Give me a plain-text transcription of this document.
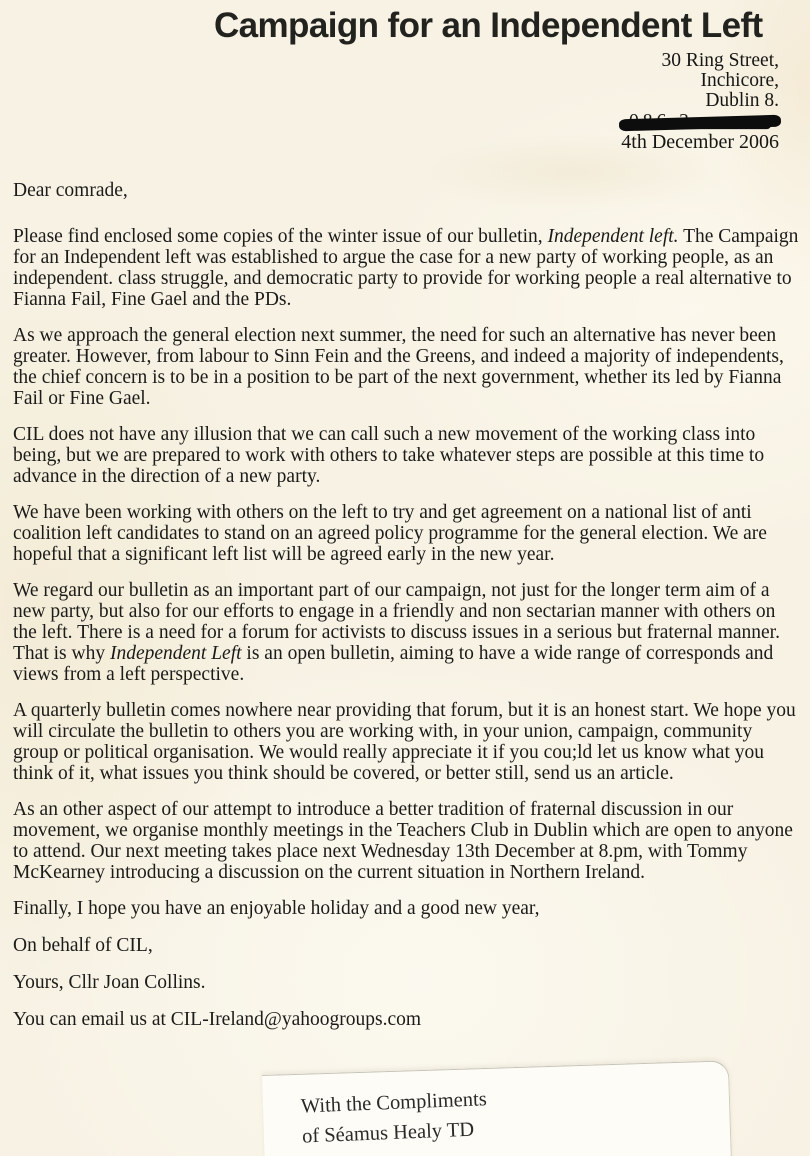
Campaign for an Independent Left
30 Ring Street,
Inchicore,
Dublin 8.
4th December 2006

Dear comrade,

Please find enclosed some copies of the winter issue of our bulletin, Independent left. The Campaign for an Independent left was established to argue the case for a new party of working people, as an independent. class struggle, and democratic party to provide for working people a real alternative to Fianna Fail, Fine Gael and the PDs.

As we approach the general election next summer, the need for such an alternative has never been greater. However, from labour to Sinn Fein and the Greens, and indeed a majority of independents, the chief concern is to be in a position to be part of the next government, whether its led by Fianna Fail or Fine Gael.

CIL does not have any illusion that we can call such a new movement of the working class into being, but we are prepared to work with others to take whatever steps are possible at this time to advance in the direction of a new party.

We have been working with others on the left to try and get agreement on a national list of anti coalition left candidates to stand on an agreed policy programme for the general election. We are hopeful that a significant left list will be agreed early in the new year.

We regard our bulletin as an important part of our campaign, not just for the longer term aim of a new party, but also for our efforts to engage in a friendly and non sectarian manner with others on the left. There is a need for a forum for activists to discuss issues in a serious but fraternal manner. That is why Independent Left is an open bulletin, aiming to have a wide range of corresponds and views from a left perspective.

A quarterly bulletin comes nowhere near providing that forum, but it is an honest start. We hope you will circulate the bulletin to others you are working with, in your union, campaign, community group or political organisation. We would really appreciate it if you cou;ld let us know what you think of it, what issues you think should be covered, or better still, send us an article.

As an other aspect of our attempt to introduce a better tradition of fraternal discussion in our movement, we organise monthly meetings in the Teachers Club in Dublin which are open to anyone to attend. Our next meeting takes place next Wednesday 13th December at 8.pm, with Tommy McKearney introducing a discussion on the current situation in Northern Ireland.

Finally, I hope you have an enjoyable holiday and a good new year,

On behalf of CIL,

Yours, Cllr Joan Collins.

You can email us at CIL-Ireland@yahoogroups.com

With the Compliments
of Séamus Healy TD
